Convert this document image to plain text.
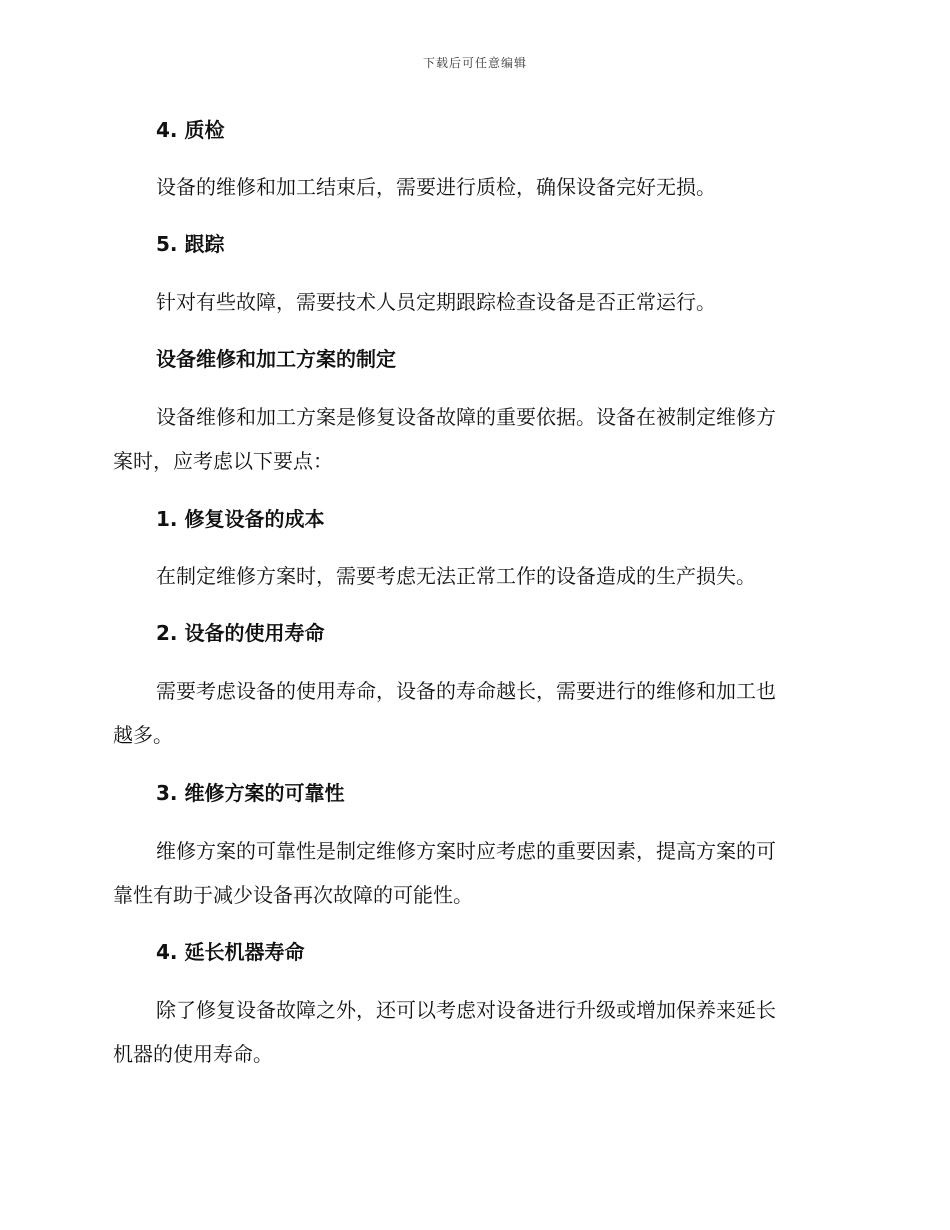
下载后可任意编辑
4. 质检
设备的维修和加工结束后，需要进行质检，确保设备完好无损。
5. 跟踪
针对有些故障，需要技术人员定期跟踪检查设备是否正常运行。
设备维修和加工方案的制定
设备维修和加工方案是修复设备故障的重要依据。设备在被制定维修方
案时，应考虑以下要点：
1. 修复设备的成本
在制定维修方案时，需要考虑无法正常工作的设备造成的生产损失。
2. 设备的使用寿命
需要考虑设备的使用寿命，设备的寿命越长，需要进行的维修和加工也
越多。
3. 维修方案的可靠性
维修方案的可靠性是制定维修方案时应考虑的重要因素，提高方案的可
靠性有助于减少设备再次故障的可能性。
4. 延长机器寿命
除了修复设备故障之外，还可以考虑对设备进行升级或增加保养来延长
机器的使用寿命。
